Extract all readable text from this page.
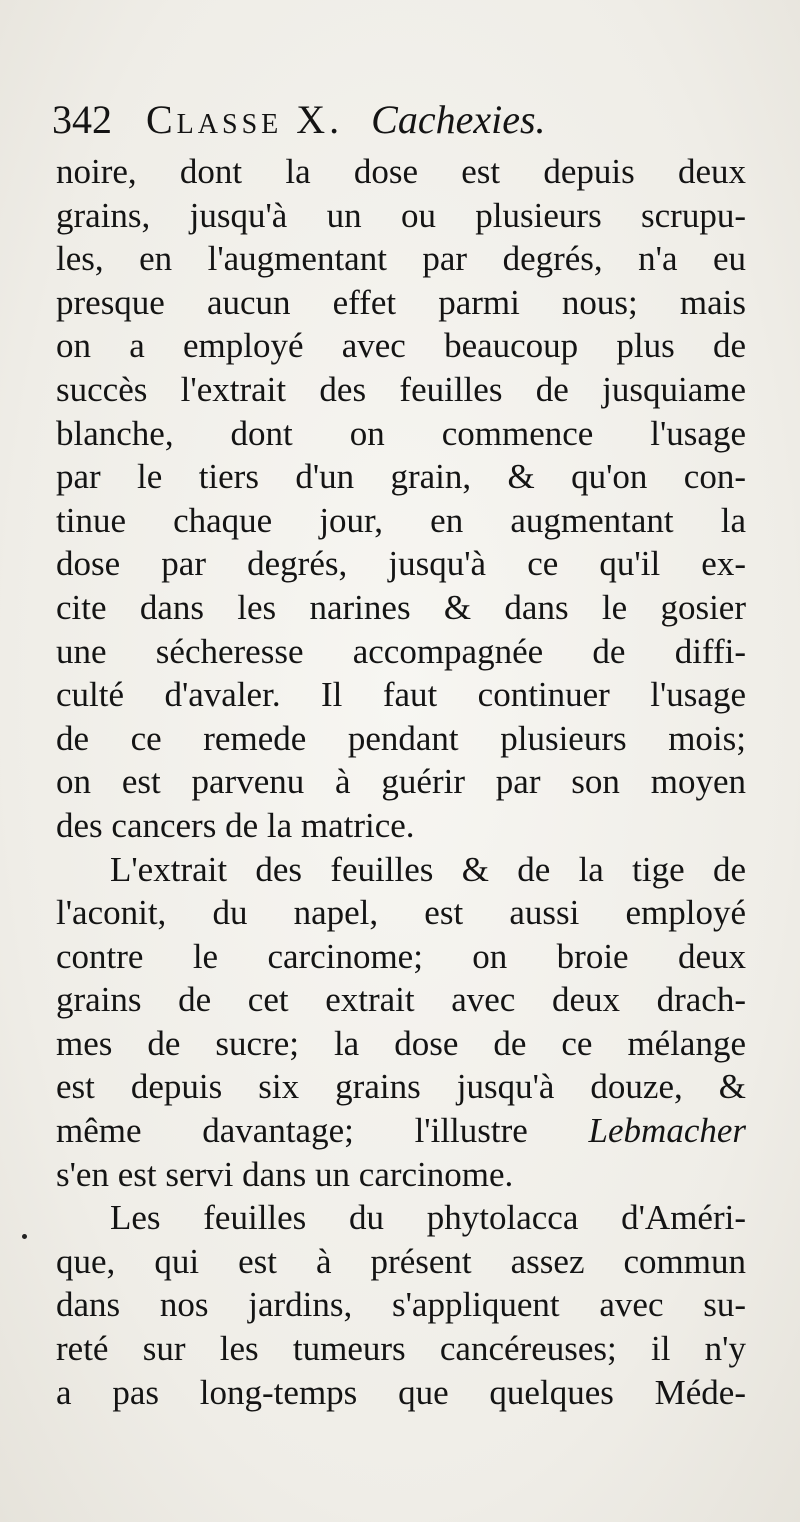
342 Classe X. Cachexies.
noire, dont la dose est depuis deux
grains, jusqu'à un ou plusieurs scrupu-
les, en l'augmentant par degrés, n'a eu
presque aucun effet parmi nous; mais
on a employé avec beaucoup plus de
succès l'extrait des feuilles de jusquiame
blanche, dont on commence l'usage
par le tiers d'un grain, & qu'on con-
tinue chaque jour, en augmentant la
dose par degrés, jusqu'à ce qu'il ex-
cite dans les narines & dans le gosier
une sécheresse accompagnée de diffi-
culté d'avaler. Il faut continuer l'usage
de ce remede pendant plusieurs mois;
on est parvenu à guérir par son moyen
des cancers de la matrice.
L'extrait des feuilles & de la tige de
l'aconit, du napel, est aussi employé
contre le carcinome; on broie deux
grains de cet extrait avec deux drach-
mes de sucre; la dose de ce mélange
est depuis six grains jusqu'à douze, &
même davantage; l'illustre Lebmacher
s'en est servi dans un carcinome.
Les feuilles du phytolacca d'Améri-
que, qui est à présent assez commun
dans nos jardins, s'appliquent avec su-
reté sur les tumeurs cancéreuses; il n'y
a pas long-temps que quelques Méde-
